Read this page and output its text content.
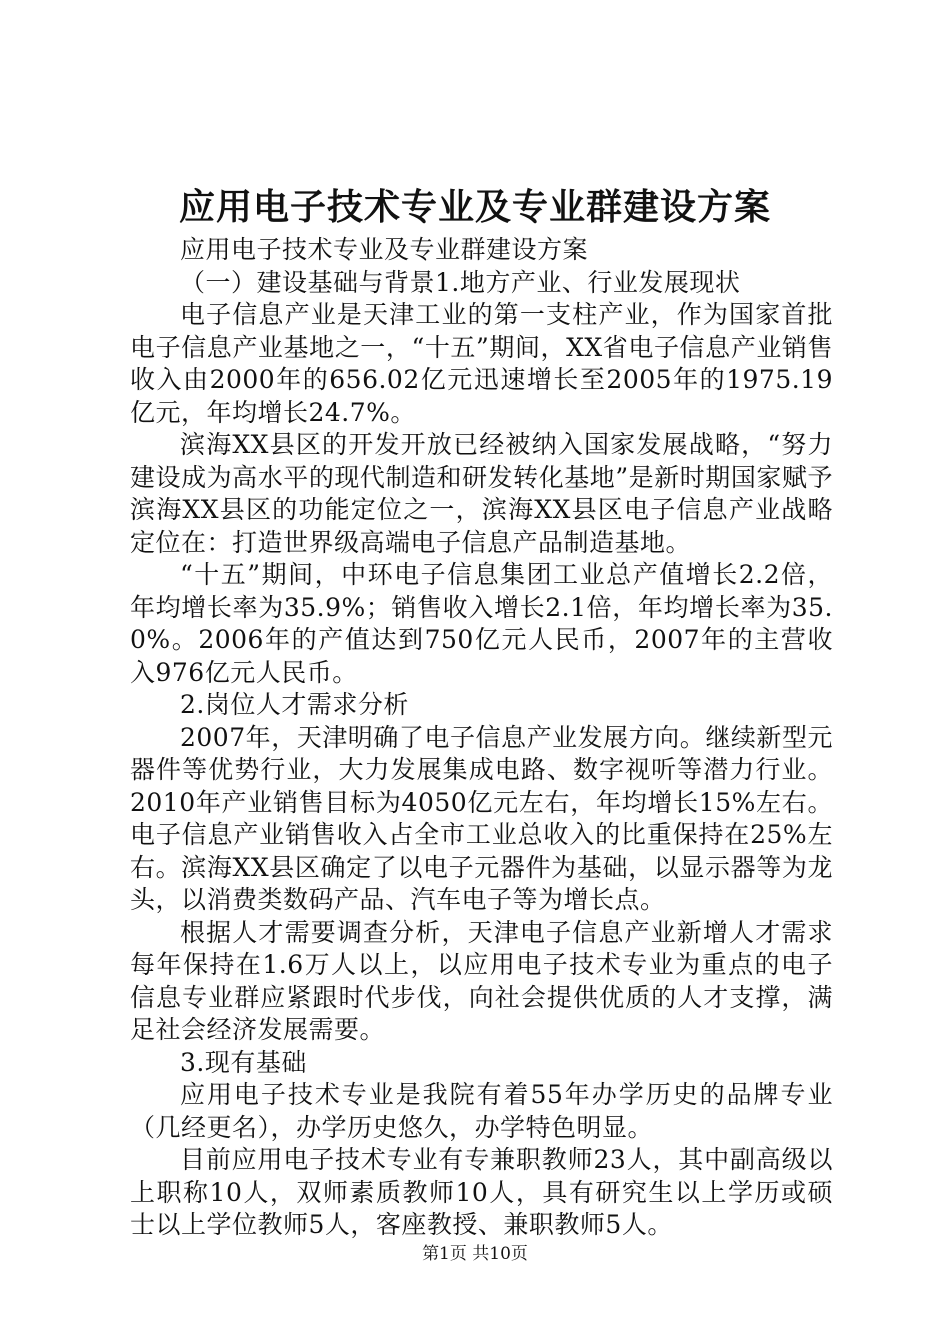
应用电子技术专业及专业群建设方案

应用电子技术专业及专业群建设方案

（一）建设基础与背景1.地方产业、行业发展现状

电子信息产业是天津工业的第一支柱产业，作为国家首批电子信息产业基地之一，“十五”期间，XX省电子信息产业销售收入由2000年的656.02亿元迅速增长至2005年的1975.19亿元，年均增长24.7%。

滨海XX县区的开发开放已经被纳入国家发展战略，“努力建设成为高水平的现代制造和研发转化基地”是新时期国家赋予滨海XX县区的功能定位之一，滨海XX县区电子信息产业战略定位在：打造世界级高端电子信息产品制造基地。

“十五”期间，中环电子信息集团工业总产值增长2.2倍，年均增长率为35.9%；销售收入增长2.1倍，年均增长率为35.0%。2006年的产值达到750亿元人民币，2007年的主营收入976亿元人民币。

2.岗位人才需求分析

2007年，天津明确了电子信息产业发展方向。继续新型元器件等优势行业，大力发展集成电路、数字视听等潜力行业。2010年产业销售目标为4050亿元左右，年均增长15%左右。电子信息产业销售收入占全市工业总收入的比重保持在25%左右。滨海XX县区确定了以电子元器件为基础，以显示器等为龙头，以消费类数码产品、汽车电子等为增长点。

根据人才需要调查分析，天津电子信息产业新增人才需求每年保持在1.6万人以上，以应用电子技术专业为重点的电子信息专业群应紧跟时代步伐，向社会提供优质的人才支撑，满足社会经济发展需要。

3.现有基础

应用电子技术专业是我院有着55年办学历史的品牌专业（几经更名），办学历史悠久，办学特色明显。

目前应用电子技术专业有专兼职教师23人，其中副高级以上职称10人，双师素质教师10人，具有研究生以上学历或硕士以上学位教师5人，客座教授、兼职教师5人。

第1页 共10页
